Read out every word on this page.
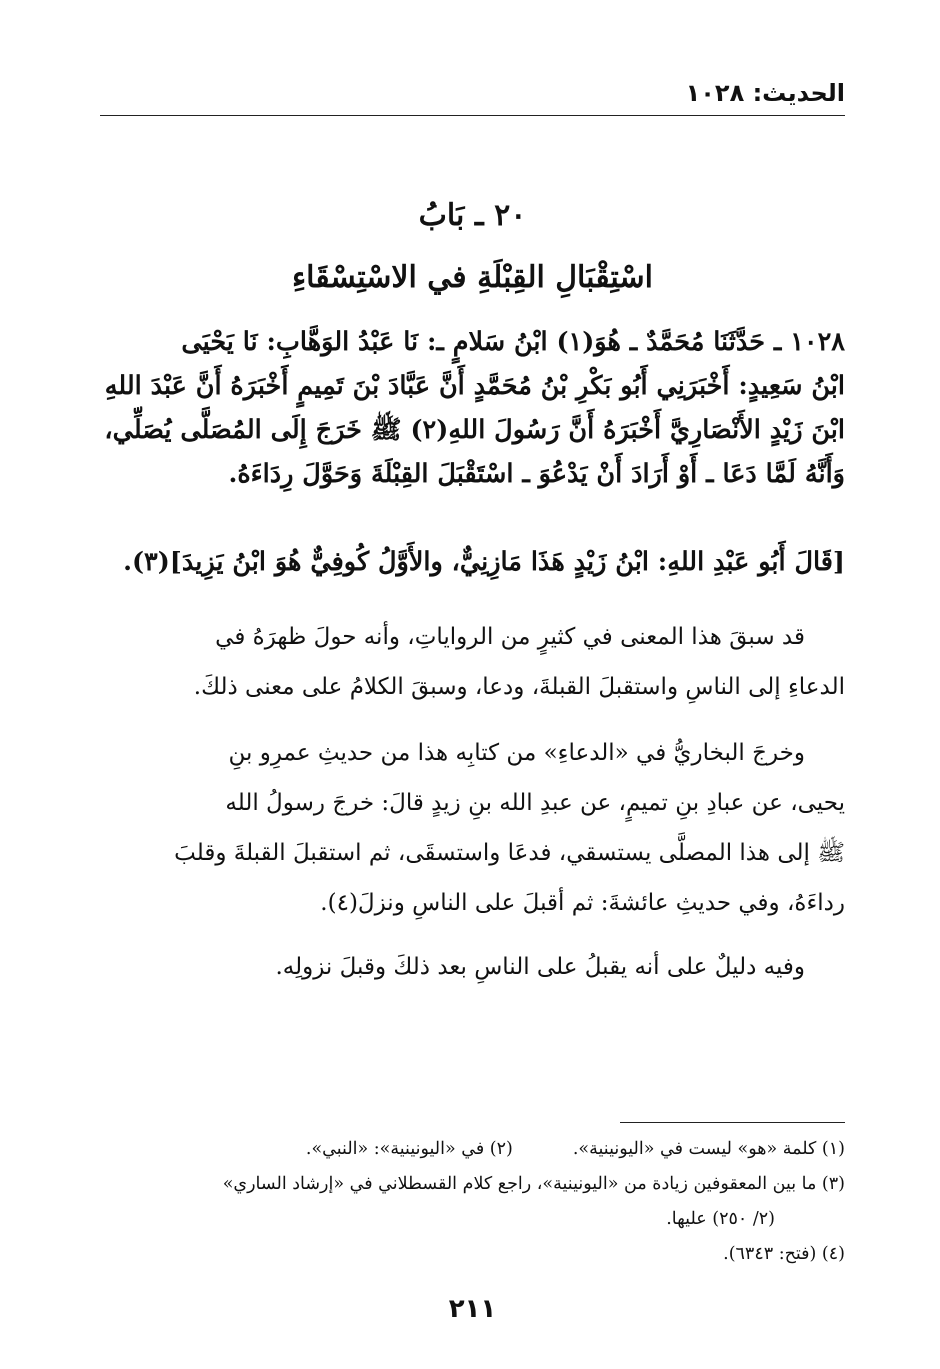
الحديث: ١٠٢٨
٢٠ ـ بَابُ
اسْتِقْبَالِ القِبْلَةِ في الاسْتِسْقَاءِ
١٠٢٨ ـ حَدَّثَنَا مُحَمَّدٌ ـ هُوَ(١) ابْنُ سَلامٍ ـ: نَا عَبْدُ الوَهَّابِ: نَا يَحْيَى
ابْنُ سَعِيدٍ: أَخْبَرَنِي أَبُو بَكْرِ بْنُ مُحَمَّدٍ أَنَّ عَبَّادَ بْنَ تَمِيمٍ أَخْبَرَهُ أَنَّ عَبْدَ اللهِ
ابْنَ زَيْدٍ الأَنْصَارِيَّ أَخْبَرَهُ أَنَّ رَسُولَ اللهِ(٢) ﷺ خَرَجَ إِلَى المُصَلَّى يُصَلِّي،
وَأَنَّهُ لَمَّا دَعَا ـ أَوْ أَرَادَ أَنْ يَدْعُوَ ـ اسْتَقْبَلَ القِبْلَةَ وَحَوَّلَ رِدَاءَهُ.
[قَالَ أَبُو عَبْدِ اللهِ: ابْنُ زَيْدٍ هَذَا مَازِنِيٌّ، والأَوَّلُ كُوفِيٌّ هُوَ ابْنُ يَزِيدَ](٣).
قد سبقَ هذا المعنى في كثيرٍ من الرواياتِ، وأنه حولَ ظهرَهُ في
الدعاءِ إلى الناسِ واستقبلَ القبلةَ، ودعا، وسبقَ الكلامُ على معنى ذلكَ.
وخرجَ البخاريُّ في «الدعاءِ» من كتابِه هذا من حديثِ عمرِو بنِ
يحيى، عن عبادِ بنِ تميمٍ، عن عبدِ الله بنِ زيدٍ قالَ: خرجَ رسولُ الله
ﷺ إلى هذا المصلَّى يستسقي، فدعَا واستسقَى، ثم استقبلَ القبلةَ وقلبَ
رداءَهُ، وفي حديثِ عائشةَ: ثم أقبلَ على الناسِ ونزلَ(٤).
وفيه دليلٌ على أنه يقبلُ على الناسِ بعد ذلكَ وقبلَ نزولِه.
(١) كلمة «هو» ليست في «اليونينية».(٢) في «اليونينية»: «النبي».
(٣) ما بين المعقوفين زيادة من «اليونينية»، راجع كلام القسطلاني في «إرشاد الساري»
(٢/ ٢٥٠) عليها.
(٤) (فتح: ٦٣٤٣).
٢١١
